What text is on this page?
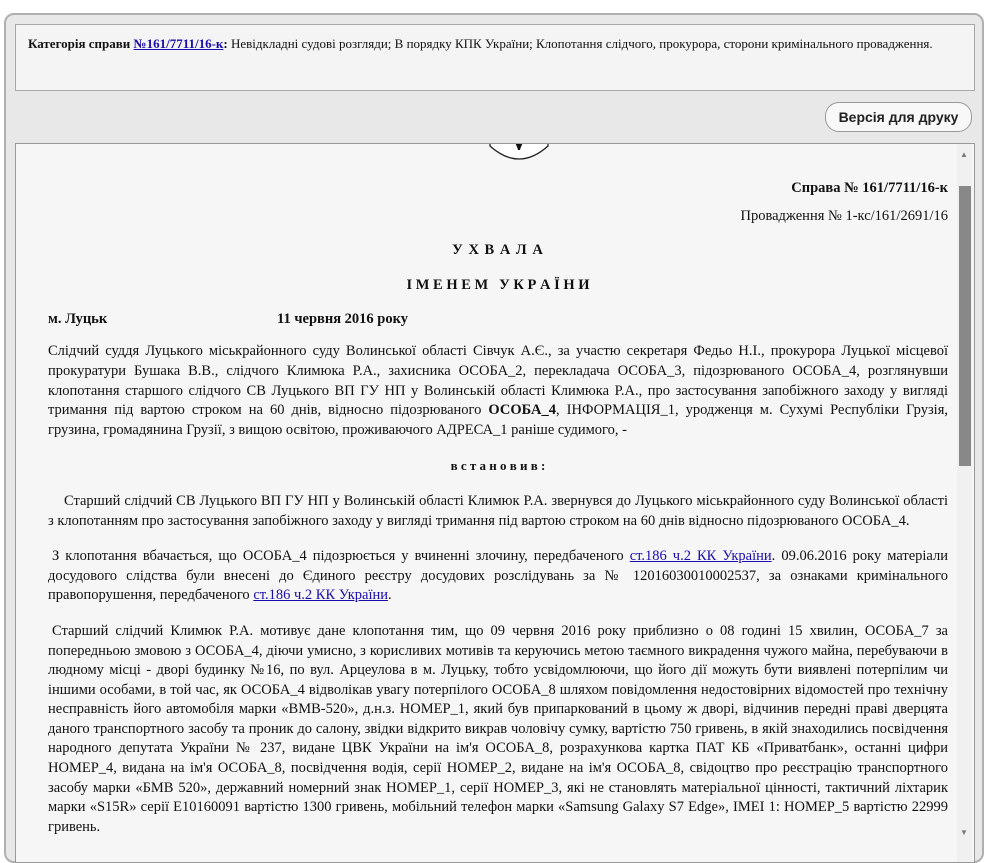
Категорія справи №161/7711/16-к: Невідкладні судові розгляди; В порядку КПК України; Клопотання слідчого, прокурора, сторони кримінального провадження.
Версія для друку

Справа № 161/7711/16-к

Провадження № 1-кс/161/2691/16

У Х В А Л А

І М Е Н Е М   У К Р А Ї Н И

м. Луцьк	11 червня 2016 року

Слідчий суддя Луцького міськрайонного суду Волинської області Сівчук А.Є., за участю секретаря Федьо Н.І., прокурора Луцької місцевої прокуратури Бушака В.В., слідчого Климюка Р.А., захисника ОСОБА_2, перекладача ОСОБА_3, підозрюваного ОСОБА_4, розглянувши клопотання старшого слідчого СВ Луцького ВП ГУ НП у Волинській області Климюка Р.А., про застосування запобіжного заходу у вигляді тримання під вартою строком на 60 днів, відносно підозрюваного ОСОБА_4, ІНФОРМАЦІЯ_1, уродженця м. Сухумі Республіки Грузія, грузина, громадянина Грузії, з вищою освітою, проживаючого АДРЕСА_1 раніше судимого, -

в с т а н о в и в :

Старший слідчий СВ Луцького ВП ГУ НП у Волинській області Климюк Р.А. звернувся до Луцького міськрайонного суду Волинської області з клопотанням про застосування запобіжного заходу у вигляді тримання під вартою строком на 60 днів відносно підозрюваного ОСОБА_4.

З клопотання вбачається, що ОСОБА_4 підозрюється у вчиненні злочину, передбаченого ст.186 ч.2 КК України. 09.06.2016 року матеріали досудового слідства були внесені до Єдиного реєстру досудових розслідувань за № 12016030010002537, за ознаками кримінального правопорушення, передбаченого ст.186 ч.2 КК України.

Старший слідчий Климюк Р.А. мотивує дане клопотання тим, що 09 червня 2016 року приблизно о 08 годині 15 хвилин, ОСОБА_7 за попередньою змовою з ОСОБА_4, діючи умисно, з корисливих мотивів та керуючись метою таємного викрадення чужого майна, перебуваючи в людному місці - дворі будинку №16, по вул. Арцеулова в м. Луцьку, тобто усвідомлюючи, що його дії можуть бути виявлені потерпілим чи іншими особами, в той час, як ОСОБА_4 відволікав увагу потерпілого ОСОБА_8 шляхом повідомлення недостовірних відомостей про технічну несправність його автомобіля марки «BMB-520», д.н.з. НОМЕР_1, який був припаркований в цьому ж дворі, відчинив передні праві дверцята даного транспортного засобу та проник до салону, звідки відкрито викрав чоловічу сумку, вартістю 750 гривень, в якій знаходились посвідчення народного депутата України № 237, видане ЦВК України на ім'я ОСОБА_8, розрахункова картка ПАТ КБ «Приватбанк», останні цифри НОМЕР_4, видана на ім'я ОСОБА_8, посвідчення водія, серії НОМЕР_2, видане на ім'я ОСОБА_8, свідоцтво про реєстрацію транспортного засобу марки «БМВ 520», державний номерний знак НОМЕР_1, серії НОМЕР_3, які не становлять матеріальної цінності, тактичний ліхтарик марки «S15R» серії Е10160091 вартістю 1300 гривень, мобільний телефон марки «Samsung Galaxy S7 Edge», IMEI 1: НОМЕР_5 вартістю 22999 гривень.

▲
▼
